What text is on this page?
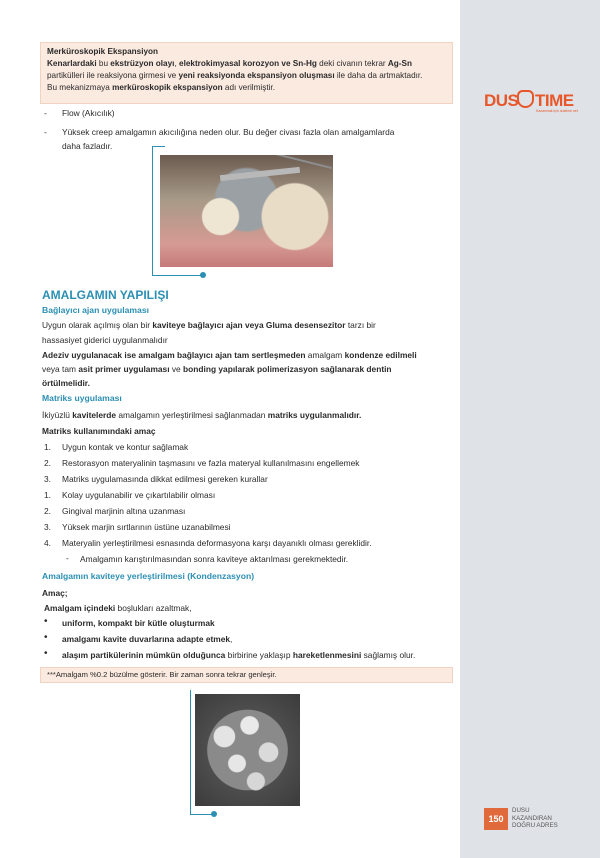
DUS TIME
Kazanmak için dustime.net
150
DUSU
KAZANDIRAN
DOĞRU ADRES
Merküroskopik Ekspansiyon
Kenarlardaki bu ekstrüzyon olayı, elektrokimyasal korozyon ve Sn-Hg deki civanın tekrar Ag-Sn
partikülleri ile reaksiyona girmesi ve yeni reaksiyonda ekspansiyon oluşması ile daha da artmaktadır.
Bu mekanizmaya merküroskopik ekspansiyon adı verilmiştir.
- Flow (Akıcılık)
- Yüksek creep amalgamın akıcılığına neden olur. Bu değer civası fazla olan amalgamlarda
daha fazladır.
AMALGAMIN YAPILIŞI
Bağlayıcı ajan uygulaması
Uygun olarak açılmış olan bir kaviteye bağlayıcı ajan veya Gluma desensezitor tarzı bir
hassasiyet giderici uygulanmalıdır
Adeziv uygulanacak ise amalgam bağlayıcı ajan tam sertleşmeden amalgam kondenze edilmeli
veya tam asit primer uygulaması ve bonding yapılarak polimerizasyon sağlanarak dentin
örtülmelidir.
Matriks uygulaması
İkiyüzlü kavitelerde amalgamın yerleştirilmesi sağlanmadan matriks uygulanmalıdır.
Matriks kullanımındaki amaç
1. Uygun kontak ve kontur sağlamak
2. Restorasyon materyalinin taşmasını ve fazla materyal kullanılmasını engellemek
3. Matriks uygulamasında dikkat edilmesi gereken kurallar
1. Kolay uygulanabilir ve çıkartılabilir olması
2. Gingival marjinin altına uzanması
3. Yüksek marjin sırtlarının üstüne uzanabilmesi
4. Materyalin yerleştirilmesi esnasında deformasyona karşı dayanıklı olması gereklidir.
- Amalgamın karıştırılmasından sonra kaviteye aktarılması gerekmektedir.
Amalgamın kaviteye yerleştirilmesi (Kondenzasyon)
Amaç;
Amalgam içindeki boşlukları azaltmak,
• uniform, kompakt bir kütle oluşturmak
• amalgamı kavite duvarlarına adapte etmek,
• alaşım partikülerinin mümkün olduğunca birbirine yaklaşıp hareketlenmesini sağlamış olur.
***Amalgam %0.2 büzülme gösterir. Bir zaman sonra tekrar genleşir.
